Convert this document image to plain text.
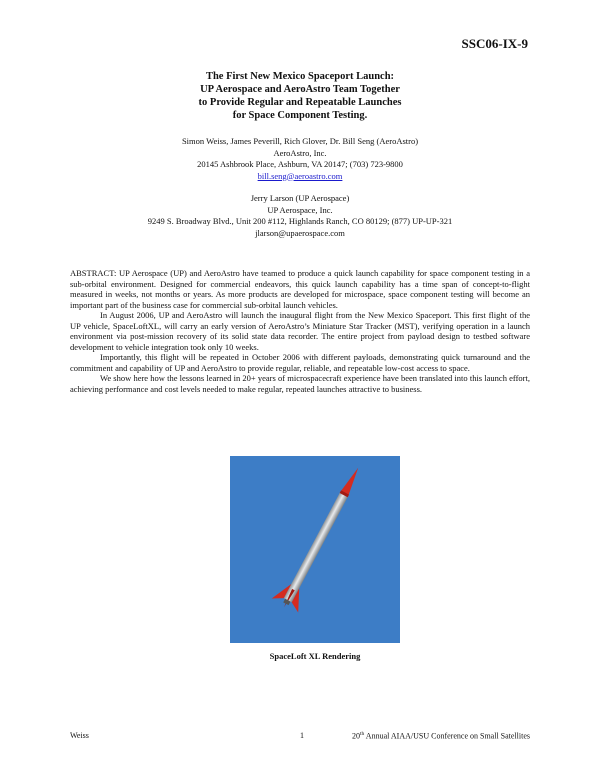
SSC06-IX-9
The First New Mexico Spaceport Launch:
UP Aerospace and AeroAstro Team Together
to Provide Regular and Repeatable Launches
for Space Component Testing.
Simon Weiss, James Peverill, Rich Glover, Dr. Bill Seng (AeroAstro)
AeroAstro, Inc.
20145 Ashbrook Place, Ashburn, VA 20147; (703) 723-9800
bill.seng@aeroastro.com
Jerry Larson (UP Aerospace)
UP Aerospace, Inc.
9249 S. Broadway Blvd., Unit 200 #112, Highlands Ranch, CO 80129; (877) UP-UP-321
jlarson@upaerospace.com

ABSTRACT: UP Aerospace (UP) and AeroAstro have teamed to produce a quick launch capability for space component testing in a sub-orbital environment. Designed for commercial endeavors, this quick launch capability has a time span of concept-to-flight measured in weeks, not months or years. As more products are developed for microspace, space component testing will become an important part of the business case for commercial sub-orbital launch vehicles.

In August 2006, UP and AeroAstro will launch the inaugural flight from the New Mexico Spaceport. This first flight of the UP vehicle, SpaceLoftXL, will carry an early version of AeroAstro’s Miniature Star Tracker (MST), verifying operation in a launch environment via post-mission recovery of its solid state data recorder. The entire project from payload design to testbed software development to vehicle integration took only 10 weeks.

Importantly, this flight will be repeated in October 2006 with different payloads, demonstrating quick turnaround and the commitment and capability of UP and AeroAstro to provide regular, reliable, and repeatable low-cost access to space.

We show here how the lessons learned in 20+ years of microspacecraft experience have been translated into this launch effort, achieving performance and cost levels needed to make regular, repeated launches attractive to business.

SpaceLoft XL Rendering
Weiss	1	20th Annual AIAA/USU Conference on Small Satellites
